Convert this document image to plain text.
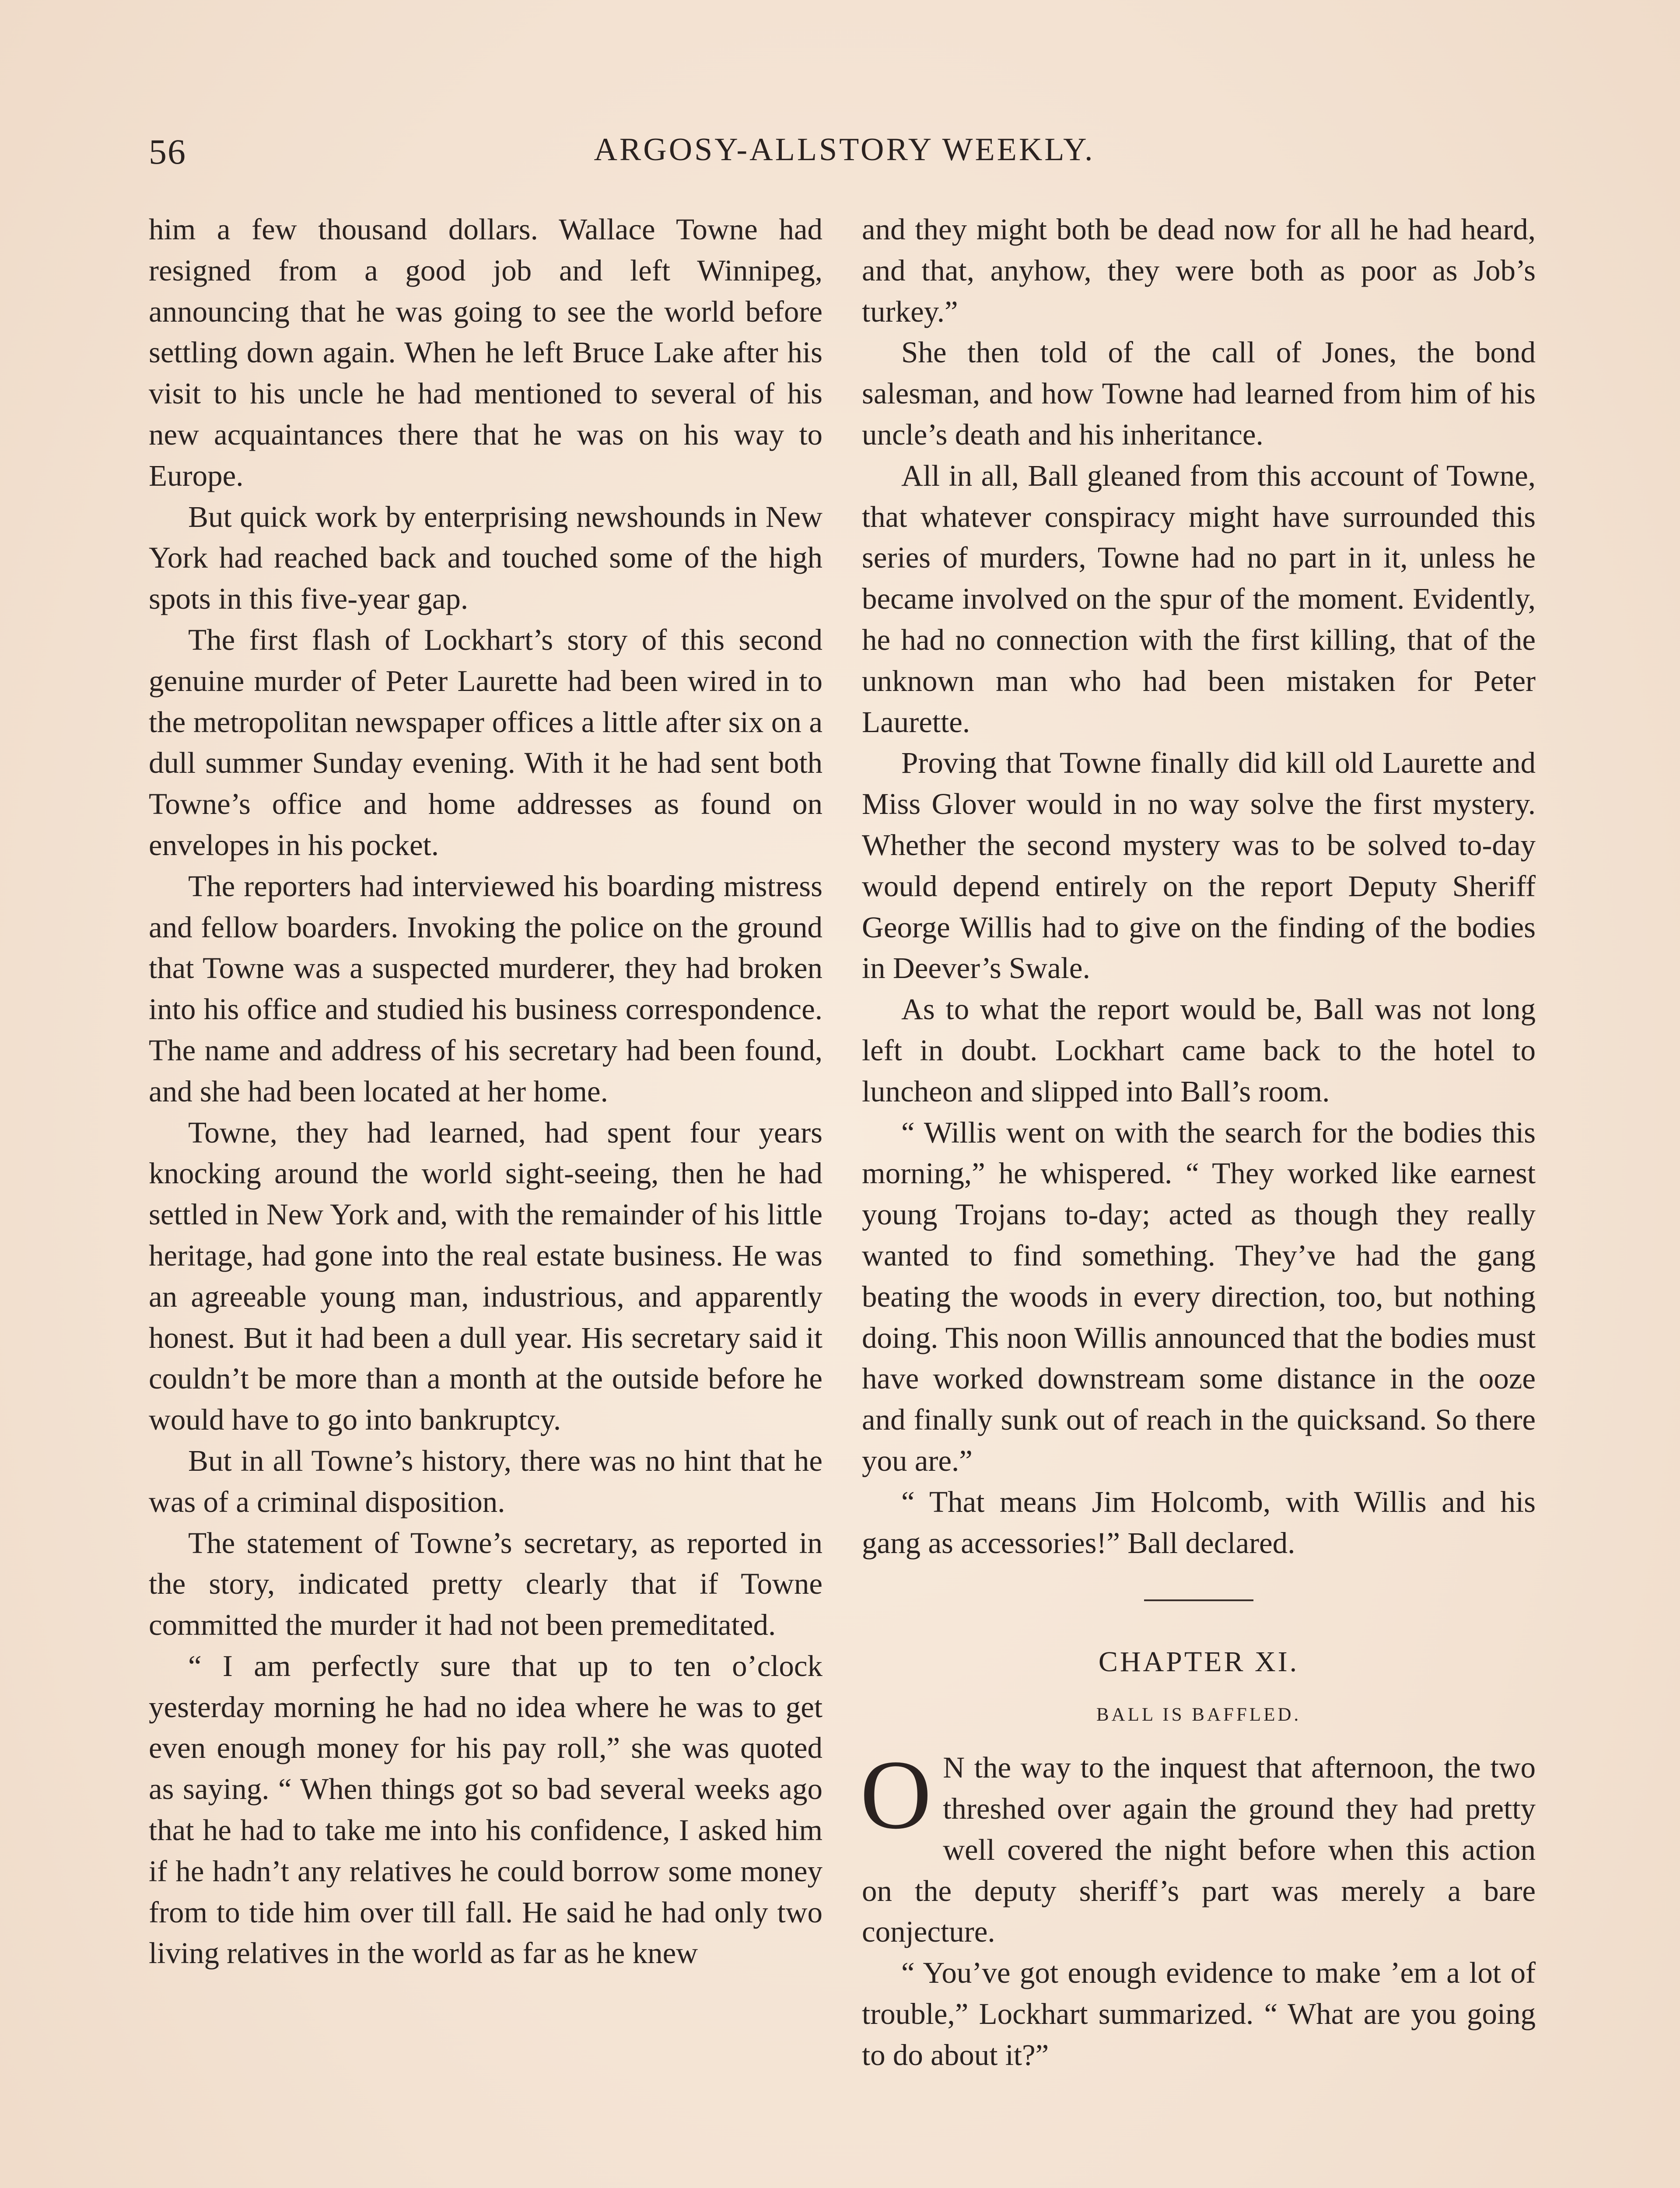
56	ARGOSY-ALLSTORY WEEKLY.

him a few thousand dollars. Wallace Towne had resigned from a good job and left Winnipeg, announcing that he was going to see the world before settling down again. When he left Bruce Lake after his visit to his uncle he had mentioned to several of his new acquaintances there that he was on his way to Europe.

But quick work by enterprising newshounds in New York had reached back and touched some of the high spots in this five-year gap.

The first flash of Lockhart’s story of this second genuine murder of Peter Laurette had been wired in to the metropolitan newspaper offices a little after six on a dull summer Sunday evening. With it he had sent both Towne’s office and home addresses as found on envelopes in his pocket.

The reporters had interviewed his boarding mistress and fellow boarders. Invoking the police on the ground that Towne was a suspected murderer, they had broken into his office and studied his business correspondence. The name and address of his secretary had been found, and she had been located at her home.

Towne, they had learned, had spent four years knocking around the world sight-seeing, then he had settled in New York and, with the remainder of his little heritage, had gone into the real estate business. He was an agreeable young man, industrious, and apparently honest. But it had been a dull year. His secretary said it couldn’t be more than a month at the outside before he would have to go into bankruptcy.

But in all Towne’s history, there was no hint that he was of a criminal disposition.

The statement of Towne’s secretary, as reported in the story, indicated pretty clearly that if Towne committed the murder it had not been premeditated.

“ I am perfectly sure that up to ten o’clock yesterday morning he had no idea where he was to get even enough money for his pay roll,” she was quoted as saying. “ When things got so bad several weeks ago that he had to take me into his confidence, I asked him if he hadn’t any relatives he could borrow some money from to tide him over till fall. He said he had only two living relatives in the world as far as he knew

and they might both be dead now for all he had heard, and that, anyhow, they were both as poor as Job’s turkey.”

She then told of the call of Jones, the bond salesman, and how Towne had learned from him of his uncle’s death and his inheritance.

All in all, Ball gleaned from this account of Towne, that whatever conspiracy might have surrounded this series of murders, Towne had no part in it, unless he became involved on the spur of the moment. Evidently, he had no connection with the first killing, that of the unknown man who had been mistaken for Peter Laurette.

Proving that Towne finally did kill old Laurette and Miss Glover would in no way solve the first mystery. Whether the second mystery was to be solved to-day would depend entirely on the report Deputy Sheriff George Willis had to give on the finding of the bodies in Deever’s Swale.

As to what the report would be, Ball was not long left in doubt. Lockhart came back to the hotel to luncheon and slipped into Ball’s room.

“ Willis went on with the search for the bodies this morning,” he whispered. “ They worked like earnest young Trojans to-day; acted as though they really wanted to find something. They’ve had the gang beating the woods in every direction, too, but nothing doing. This noon Willis announced that the bodies must have worked downstream some distance in the ooze and finally sunk out of reach in the quicksand. So there you are.”

“ That means Jim Holcomb, with Willis and his gang as accessories!” Ball declared.

CHAPTER XI.
BALL IS BAFFLED.

O N the way to the inquest that afternoon, the two threshed over again the ground they had pretty well covered the night before when this action on the deputy sheriff’s part was merely a bare conjecture.

“ You’ve got enough evidence to make ’em a lot of trouble,” Lockhart summarized. “ What are you going to do about it?”
